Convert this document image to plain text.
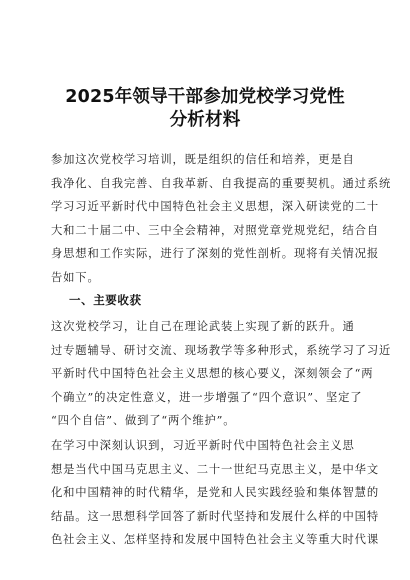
2025年领导干部参加党校学习党性
分析材料
参加这次党校学习培训，既是组织的信任和培养，更是自
我净化、自我完善、自我革新、自我提高的重要契机。通过系统
学习习近平新时代中国特色社会主义思想，深入研读党的二十
大和二十届二中、三中全会精神，对照党章党规党纪，结合自
身思想和工作实际，进行了深刻的党性剖析。现将有关情况报
告如下。
一、主要收获
这次党校学习，让自己在理论武装上实现了新的跃升。通
过专题辅导、研讨交流、现场教学等多种形式，系统学习了习近
平新时代中国特色社会主义思想的核心要义，深刻领会了“两
个确立”的决定性意义，进一步增强了“四个意识”、坚定了
“四个自信”、做到了“两个维护”。
在学习中深刻认识到，习近平新时代中国特色社会主义思
想是当代中国马克思主义、二十一世纪马克思主义，是中华文
化和中国精神的时代精华，是党和人民实践经验和集体智慧的
结晶。这一思想科学回答了新时代坚持和发展什么样的中国特
色社会主义、怎样坚持和发展中国特色社会主义等重大时代课
